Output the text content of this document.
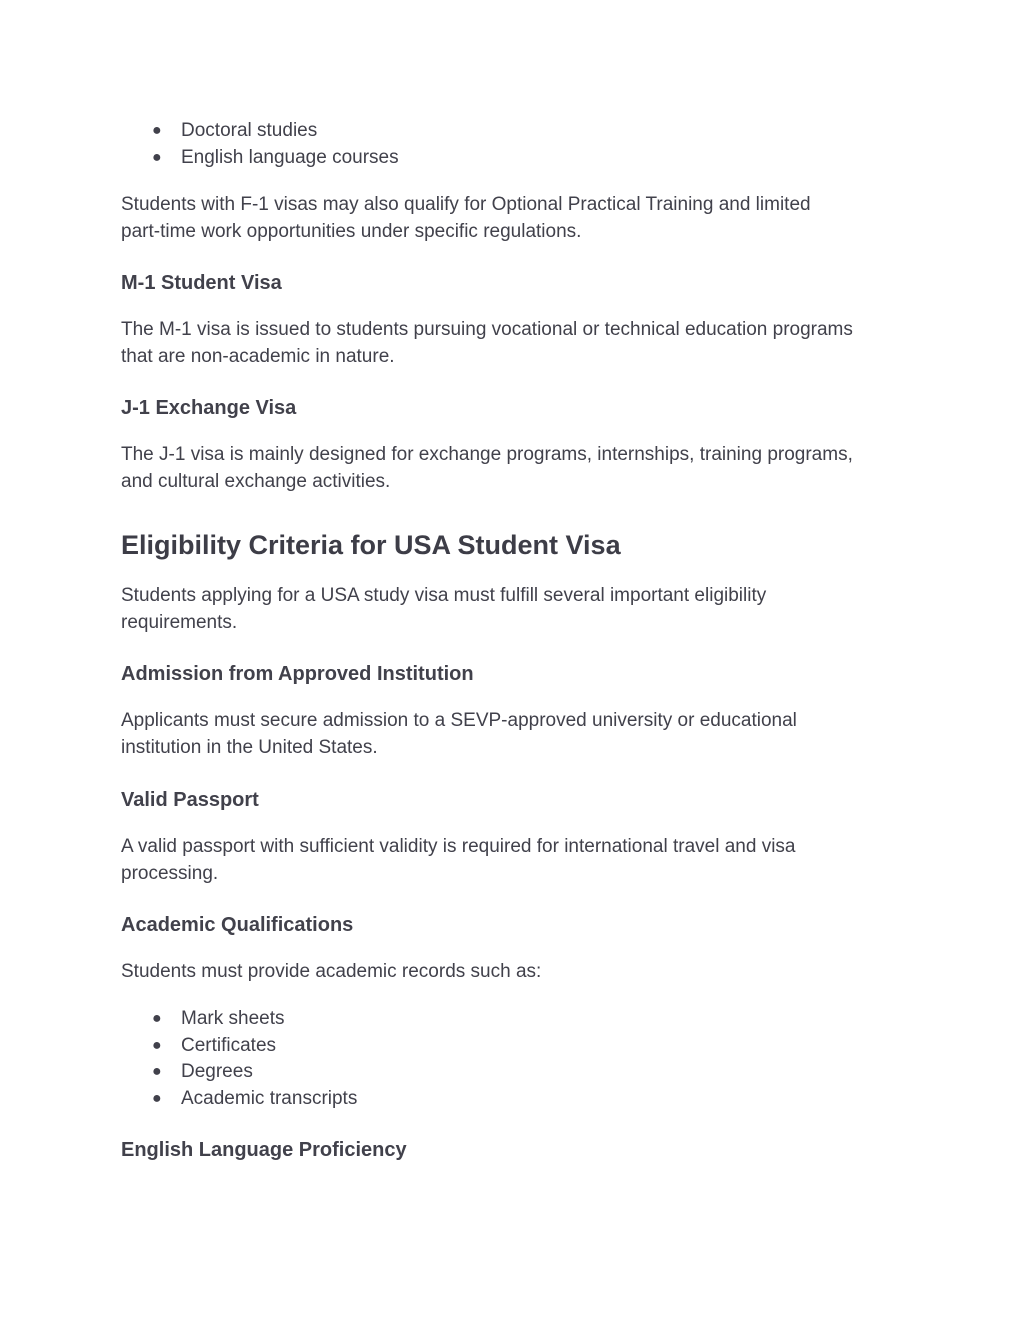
● Doctoral studies
● English language courses

Students with F-1 visas may also qualify for Optional Practical Training and limited
part-time work opportunities under specific regulations.

M-1 Student Visa

The M-1 visa is issued to students pursuing vocational or technical education programs
that are non-academic in nature.

J-1 Exchange Visa

The J-1 visa is mainly designed for exchange programs, internships, training programs,
and cultural exchange activities.

Eligibility Criteria for USA Student Visa

Students applying for a USA study visa must fulfill several important eligibility
requirements.

Admission from Approved Institution

Applicants must secure admission to a SEVP-approved university or educational
institution in the United States.

Valid Passport

A valid passport with sufficient validity is required for international travel and visa
processing.

Academic Qualifications

Students must provide academic records such as:

● Mark sheets
● Certificates
● Degrees
● Academic transcripts
English Language Proficiency
